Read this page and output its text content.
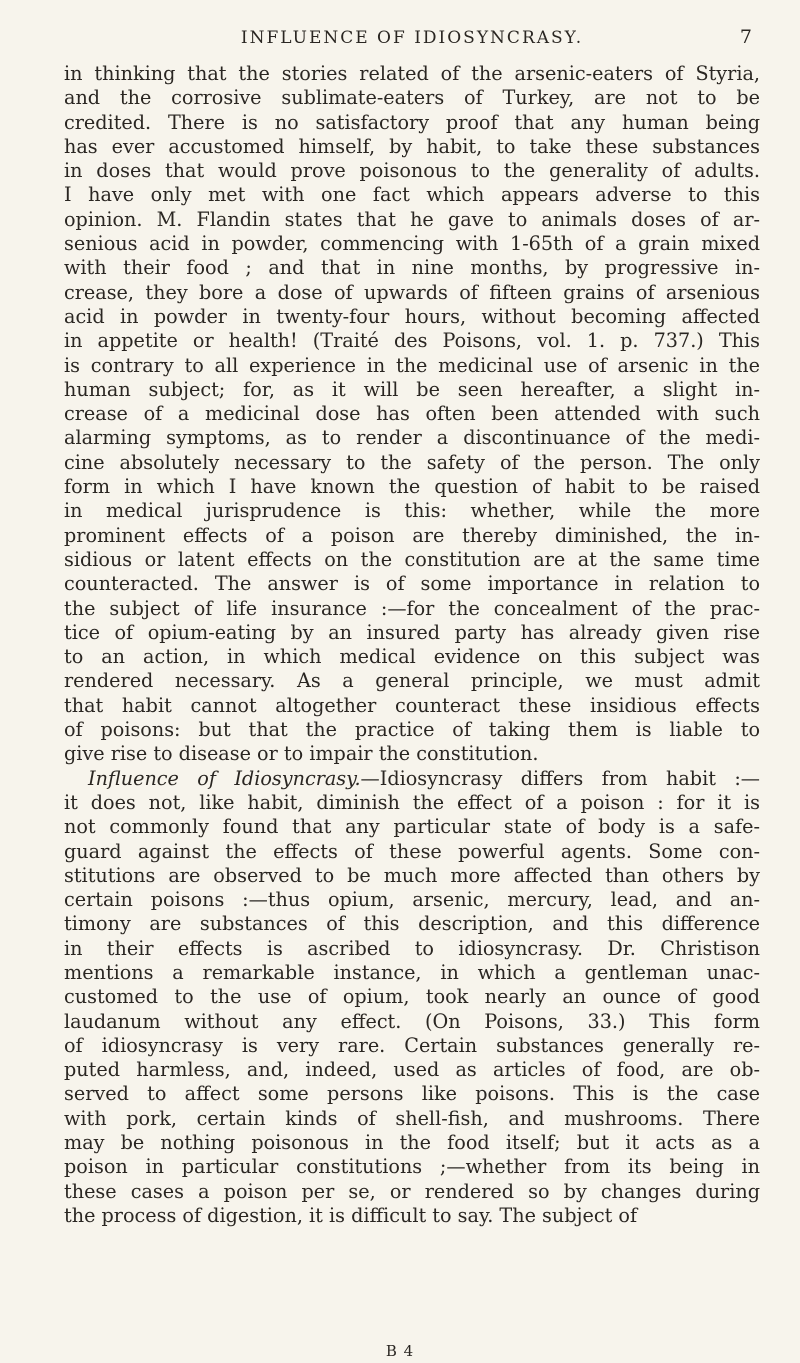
INFLUENCE OF IDIOSYNCRASY.	7
in thinking that the stories related of the arsenic-eaters of Styria,
and the corrosive sublimate-eaters of Turkey, are not to be
credited. There is no satisfactory proof that any human being
has ever accustomed himself, by habit, to take these substances
in doses that would prove poisonous to the generality of adults.
I have only met with one fact which appears adverse to this
opinion. M. Flandin states that he gave to animals doses of ar-
senious acid in powder, commencing with 1-65th of a grain mixed
with their food ; and that in nine months, by progressive in-
crease, they bore a dose of upwards of fifteen grains of arsenious
acid in powder in twenty-four hours, without becoming affected
in appetite or health! (Traité des Poisons, vol. 1. p. 737.) This
is contrary to all experience in the medicinal use of arsenic in the
human subject; for, as it will be seen hereafter, a slight in-
crease of a medicinal dose has often been attended with such
alarming symptoms, as to render a discontinuance of the medi-
cine absolutely necessary to the safety of the person. The only
form in which I have known the question of habit to be raised
in medical jurisprudence is this: whether, while the more
prominent effects of a poison are thereby diminished, the in-
sidious or latent effects on the constitution are at the same time
counteracted. The answer is of some importance in relation to
the subject of life insurance :—for the concealment of the prac-
tice of opium-eating by an insured party has already given rise
to an action, in which medical evidence on this subject was
rendered necessary. As a general principle, we must admit
that habit cannot altogether counteract these insidious effects
of poisons: but that the practice of taking them is liable to
give rise to disease or to impair the constitution.
Influence of Idiosyncrasy.—Idiosyncrasy differs from habit :—
it does not, like habit, diminish the effect of a poison : for it is
not commonly found that any particular state of body is a safe-
guard against the effects of these powerful agents. Some con-
stitutions are observed to be much more affected than others by
certain poisons :—thus opium, arsenic, mercury, lead, and an-
timony are substances of this description, and this difference
in their effects is ascribed to idiosyncrasy. Dr. Christison
mentions a remarkable instance, in which a gentleman unac-
customed to the use of opium, took nearly an ounce of good
laudanum without any effect. (On Poisons, 33.) This form
of idiosyncrasy is very rare. Certain substances generally re-
puted harmless, and, indeed, used as articles of food, are ob-
served to affect some persons like poisons. This is the case
with pork, certain kinds of shell-fish, and mushrooms. There
may be nothing poisonous in the food itself; but it acts as a
poison in particular constitutions ;—whether from its being in
these cases a poison per se, or rendered so by changes during
the process of digestion, it is difficult to say. The subject of
B 4
